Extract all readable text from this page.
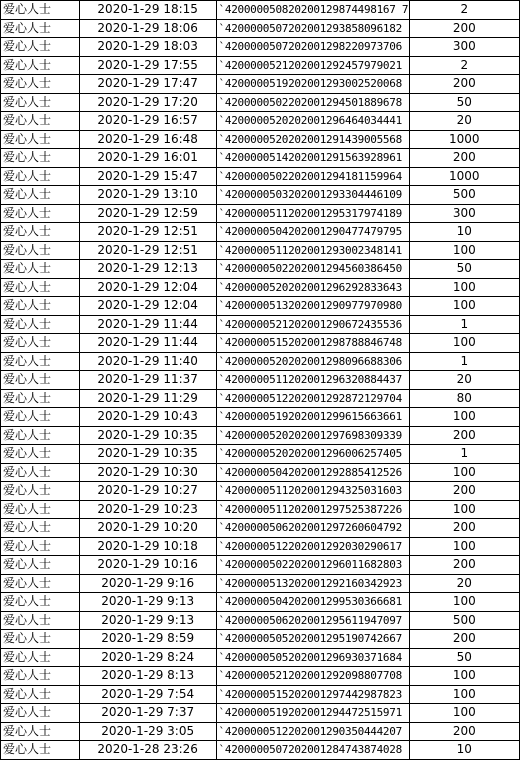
爱心人士	2020-1-29 18:15	`420000050820200129874498167 7	2
爱心人士	2020-1-29 18:06	`4200000507202001293858096182	200
爱心人士	2020-1-29 18:03	`4200000507202001298220973706	300
爱心人士	2020-1-29 17:55	`4200000521202001292457979021	2
爱心人士	2020-1-29 17:47	`4200000519202001293002520068	200
爱心人士	2020-1-29 17:20	`4200000502202001294501889678	50
爱心人士	2020-1-29 16:57	`4200000520202001296464034441	20
爱心人士	2020-1-29 16:48	`4200000520202001291439005568	1000
爱心人士	2020-1-29 16:01	`4200000514202001291563928961	200
爱心人士	2020-1-29 15:47	`4200000502202001294181159964	1000
爱心人士	2020-1-29 13:10	`4200000503202001293304446109	500
爱心人士	2020-1-29 12:59	`4200000511202001295317974189	300
爱心人士	2020-1-29 12:51	`4200000504202001290477479795	10
爱心人士	2020-1-29 12:51	`4200000511202001293002348141	100
爱心人士	2020-1-29 12:13	`4200000502202001294560386450	50
爱心人士	2020-1-29 12:04	`4200000520202001296292833643	100
爱心人士	2020-1-29 12:04	`4200000513202001290977970980	100
爱心人士	2020-1-29 11:44	`4200000521202001290672435536	1
爱心人士	2020-1-29 11:44	`4200000515202001298788846748	100
爱心人士	2020-1-29 11:40	`4200000520202001298096688306	1
爱心人士	2020-1-29 11:37	`4200000511202001296320884437	20
爱心人士	2020-1-29 11:29	`4200000512202001292872129704	80
爱心人士	2020-1-29 10:43	`4200000519202001299615663661	100
爱心人士	2020-1-29 10:35	`4200000520202001297698309339	200
爱心人士	2020-1-29 10:35	`4200000520202001296006257405	1
爱心人士	2020-1-29 10:30	`4200000504202001292885412526	100
爱心人士	2020-1-29 10:27	`4200000511202001294325031603	200
爱心人士	2020-1-29 10:23	`4200000511202001297525387226	100
爱心人士	2020-1-29 10:20	`4200000506202001297260604792	200
爱心人士	2020-1-29 10:18	`4200000512202001292030290617	100
爱心人士	2020-1-29 10:16	`4200000502202001296011682803	200
爱心人士	2020-1-29 9:16	`4200000513202001292160342923	20
爱心人士	2020-1-29 9:13	`4200000504202001299530366681	100
爱心人士	2020-1-29 9:13	`4200000506202001295611947097	500
爱心人士	2020-1-29 8:59	`4200000505202001295190742667	200
爱心人士	2020-1-29 8:24	`4200000505202001296930371684	50
爱心人士	2020-1-29 8:13	`4200000521202001292098807708	100
爱心人士	2020-1-29 7:54	`4200000515202001297442987823	100
爱心人士	2020-1-29 7:37	`4200000519202001294472515971	100
爱心人士	2020-1-29 3:05	`4200000512202001290350444207	200
爱心人士	2020-1-28 23:26	`4200000507202001284743874028	10
